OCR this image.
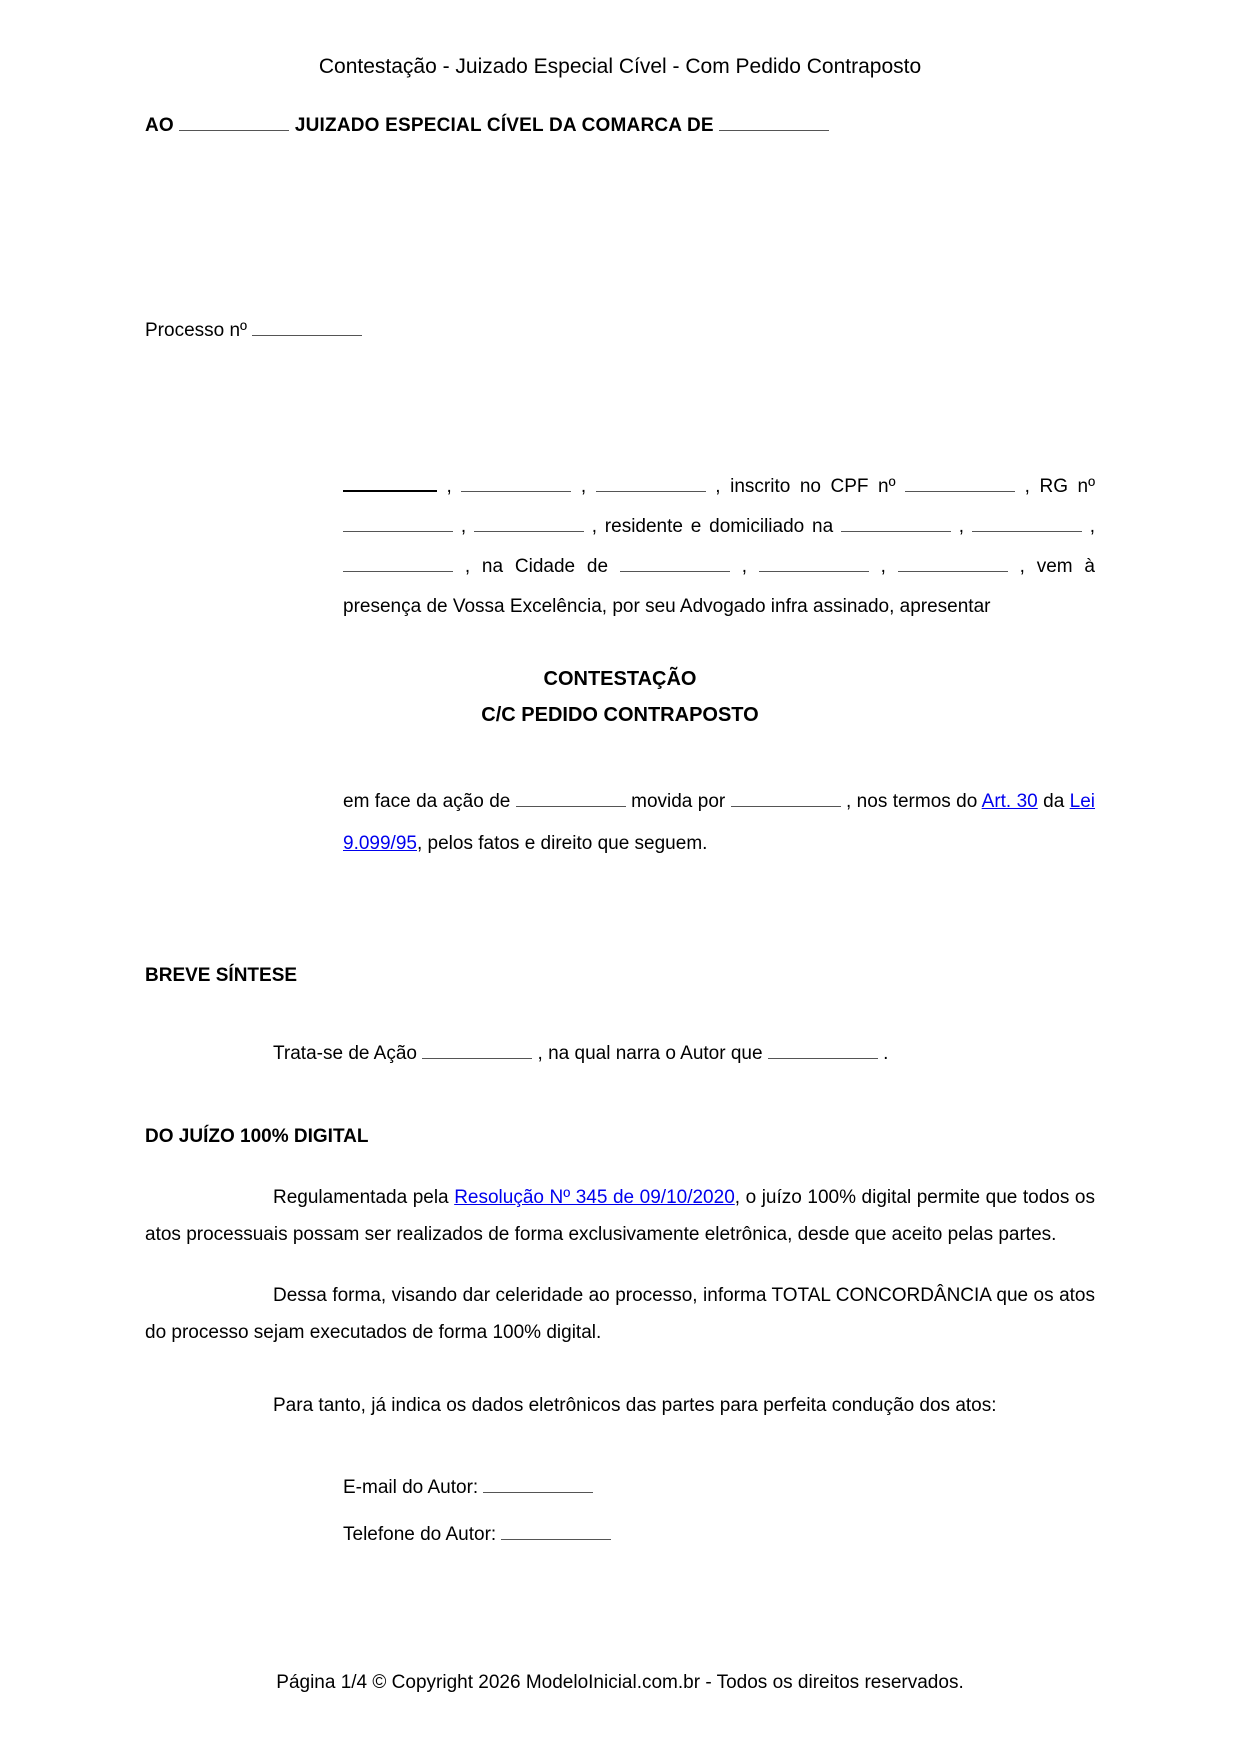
Contestação - Juizado Especial Cível - Com Pedido Contraposto

AO	JUIZADO ESPECIAL CÍVEL DA COMARCA DE

Processo nº

,	,	, inscrito no CPF nº	, RG nº  ,	, residente e domiciliado na	,	,  , na Cidade de	,	,	, vem à presença de Vossa Excelência, por seu Advogado infra assinado, apresentar

CONTESTAÇÃO
C/C PEDIDO CONTRAPOSTO

em face da ação de	movida por	, nos termos do Art. 30 da Lei 9.099/95, pelos fatos e direito que seguem.

BREVE SÍNTESE

Trata-se de Ação	, na qual narra o Autor que	.

DO JUÍZO 100% DIGITAL

Regulamentada pela Resolução Nº 345 de 09/10/2020, o juízo 100% digital permite que todos os atos processuais possam ser realizados de forma exclusivamente eletrônica, desde que aceito pelas partes.

Dessa forma, visando dar celeridade ao processo, informa TOTAL CONCORDÂNCIA que os atos do processo sejam executados de forma 100% digital.

Para tanto, já indica os dados eletrônicos das partes para perfeita condução dos atos:

E-mail do Autor:

Telefone do Autor:

Página 1/4 © Copyright 2026 ModeloInicial.com.br - Todos os direitos reservados.
